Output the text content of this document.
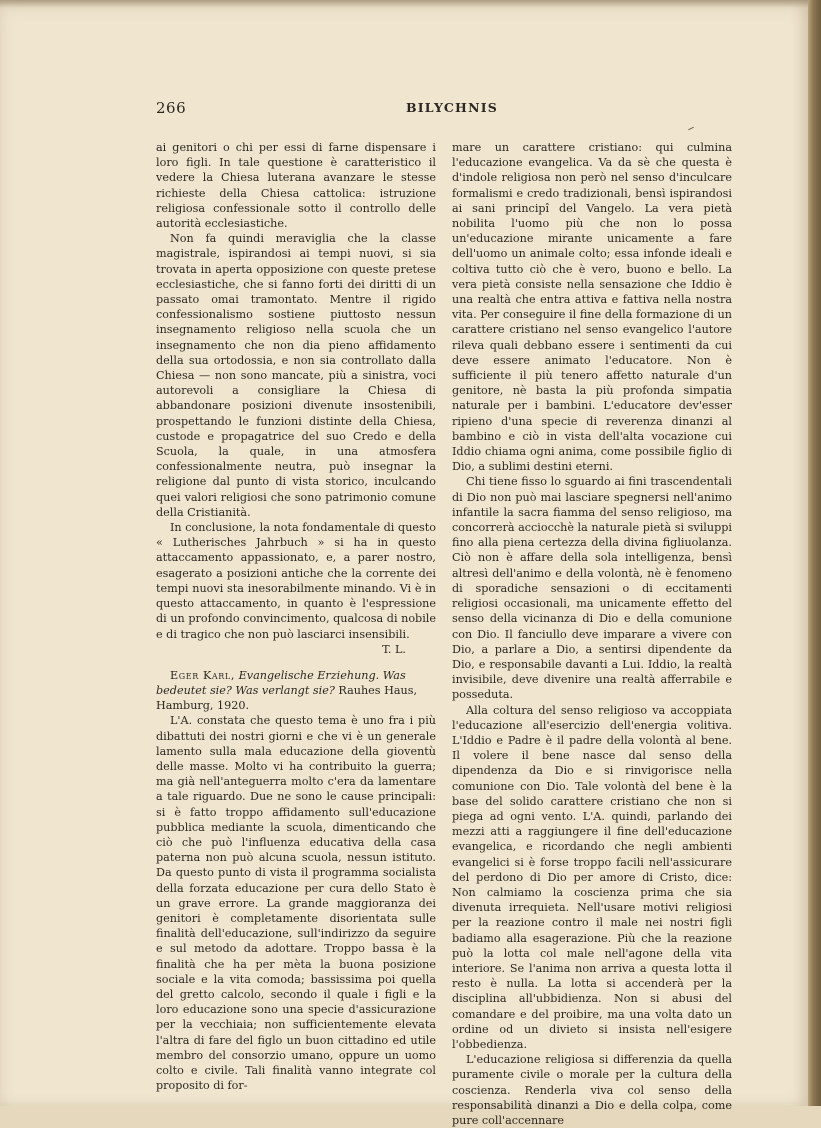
266	BILYCHNIS

ai genitori o chi per essi di farne dispensare i loro figli. In tale questione è caratteristico il vedere la Chiesa luterana avanzare le stesse richieste della Chiesa cattolica: istruzione religiosa confessionale sotto il controllo delle autorità ecclesiastiche.

Non fa quindi meraviglia che la classe magistrale, ispirandosi ai tempi nuovi, si sia trovata in aperta opposizione con queste pretese ecclesiastiche, che si fanno forti dei diritti di un passato omai tramontato. Mentre il rigido confessionalismo sostiene piuttosto nessun insegnamento religioso nella scuola che un insegnamento che non dia pieno affidamento della sua ortodossia, e non sia controllato dalla Chiesa — non sono mancate, più a sinistra, voci autorevoli a consigliare la Chiesa di abbandonare posizioni divenute insostenibili, prospettando le funzioni distinte della Chiesa, custode e propagatrice del suo Credo e della Scuola, la quale, in una atmosfera confessionalmente neutra, può insegnar la religione dal punto di vista storico, inculcando quei valori religiosi che sono patrimonio comune della Cristianità.

In conclusione, la nota fondamentale di questo « Lutherisches Jahrbuch » si ha in questo attaccamento appassionato, e, a parer nostro, esagerato a posizioni antiche che la corrente dei tempi nuovi sta inesorabilmente minando. Vi è in questo attaccamento, in quanto è l'espressione di un profondo convincimento, qualcosa di nobile e di tragico che non può lasciarci insensibili.
T. L.

Eger Karl, Evangelische Erziehung. Was bedeutet sie? Was verlangt sie? Rauhes Haus, Hamburg, 1920.

L'A. constata che questo tema è uno fra i più dibattuti dei nostri giorni e che vi è un generale lamento sulla mala educazione della gioventù delle masse. Molto vi ha contribuito la guerra; ma già nell'anteguerra molto c'era da lamentare a tale riguardo. Due ne sono le cause principali: si è fatto troppo affidamento sull'educazione pubblica mediante la scuola, dimenticando che ciò che può l'influenza educativa della casa paterna non può alcuna scuola, nessun istituto. Da questo punto di vista il programma socialista della forzata educazione per cura dello Stato è un grave errore. La grande maggioranza dei genitori è completamente disorientata sulle finalità dell'educazione, sull'indirizzo da seguire e sul metodo da adottare. Troppo bassa è la finalità che ha per mèta la buona posizione sociale e la vita comoda; bassissima poi quella del gretto calcolo, secondo il quale i figli e la loro educazione sono una specie d'assicurazione per la vecchiaia; non sufficientemente elevata l'altra di fare del figlo un buon cittadino ed utile membro del consorzio umano, oppure un uomo colto e civile. Tali finalità vanno integrate col proposito di for-

mare un carattere cristiano: qui culmina l'educazione evangelica. Va da sè che questa è d'indole religiosa non però nel senso d'inculcare formalismi e credo tradizionali, bensì ispirandosi ai sani principî del Vangelo. La vera pietà nobilita l'uomo più che non lo possa un'educazione mirante unicamente a fare dell'uomo un animale colto; essa infonde ideali e coltiva tutto ciò che è vero, buono e bello. La vera pietà consiste nella sensazione che Iddio è una realtà che entra attiva e fattiva nella nostra vita. Per conseguire il fine della formazione di un carattere cristiano nel senso evangelico l'autore rileva quali debbano essere i sentimenti da cui deve essere animato l'educatore. Non è sufficiente il più tenero affetto naturale d'un genitore, nè basta la più profonda simpatia naturale per i bambini. L'educatore dev'esser ripieno d'una specie di reverenza dinanzi al bambino e ciò in vista dell'alta vocazione cui Iddio chiama ogni anima, come possibile figlio di Dio, a sublimi destini eterni.

Chi tiene fisso lo sguardo ai fini trascendentali di Dio non può mai lasciare spegnersi nell'animo infantile la sacra fiamma del senso religioso, ma concorrerà acciocchè la naturale pietà si sviluppi fino alla piena certezza della divina figliuolanza. Ciò non è affare della sola intelligenza, bensì altresì dell'animo e della volontà, nè è fenomeno di sporadiche sensazioni o di eccitamenti religiosi occasionali, ma unicamente effetto del senso della vicinanza di Dio e della comunione con Dio. Il fanciullo deve imparare a vivere con Dio, a parlare a Dio, a sentirsi dipendente da Dio, e responsabile davanti a Lui. Iddio, la realtà invisibile, deve divenire una realtà afferrabile e posseduta.

Alla coltura del senso religioso va accoppiata l'educazione all'esercizio dell'energia volitiva. L'Iddio e Padre è il padre della volontà al bene. Il volere il bene nasce dal senso della dipendenza da Dio e si rinvigorisce nella comunione con Dio. Tale volontà del bene è la base del solido carattere cristiano che non si piega ad ogni vento. L'A. quindi, parlando dei mezzi atti a raggiungere il fine dell'educazione evangelica, e ricordando che negli ambienti evangelici si è forse troppo facili nell'assicurare del perdono di Dio per amore di Cristo, dice: Non calmiamo la coscienza prima che sia divenuta irrequieta. Nell'usare motivi religiosi per la reazione contro il male nei nostri figli badiamo alla esagerazione. Più che la reazione può la lotta col male nell'agone della vita interiore. Se l'anima non arriva a questa lotta il resto è nulla. La lotta si accenderà per la disciplina all'ubbidienza. Non si abusi del comandare e del proibire, ma una volta dato un ordine od un divieto si insista nell'esigere l'obbedienza.

L'educazione religiosa si differenzia da quella puramente civile o morale per la cultura della coscienza. Renderla viva col senso della responsabilità dinanzi a Dio e della colpa, come pure coll'accennare
